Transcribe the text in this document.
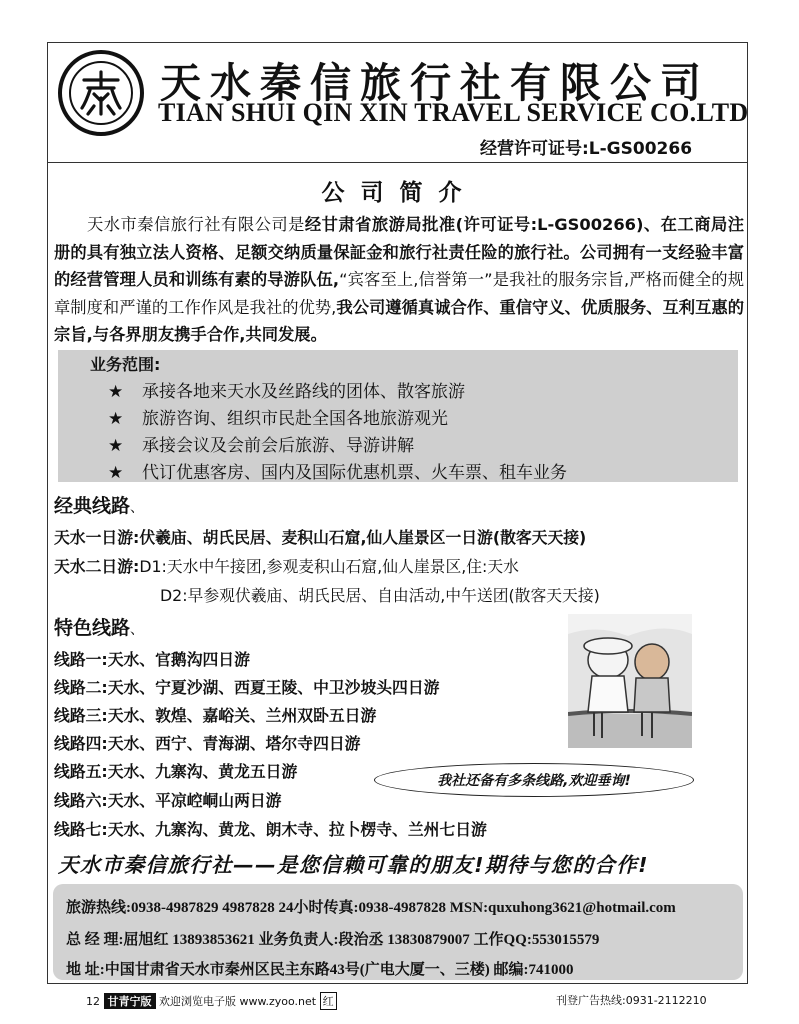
天水秦信旅行社有限公司
TIAN SHUI QIN XIN TRAVEL SERVICE CO.LTD
经营许可证号:L-GS00266
公司简介

天水市秦信旅行社有限公司是经甘肃省旅游局批准(许可证号:L-GS00266)、在工商局注册的具有独立法人资格、足额交纳质量保証金和旅行社责任险的旅行社。公司拥有一支经验丰富的经营管理人员和训练有素的导游队伍,“宾客至上,信誉第一”是我社的服务宗旨,严格而健全的规章制度和严谨的工作作风是我社的优势,我公司遵循真诚合作、重信守义、优质服务、互利互惠的宗旨,与各界朋友携手合作,共同发展。

业务范围:
★ 承接各地来天水及丝路线的团体、散客旅游
★ 旅游咨询、组织市民赴全国各地旅游观光
★ 承接会议及会前会后旅游、导游讲解
★ 代订优惠客房、国内及国际优惠机票、火车票、租车业务
经典线路、
天水一日游:伏羲庙、胡氏民居、麦积山石窟,仙人崖景区一日游(散客天天接)
天水二日游:D1:天水中午接团,参观麦积山石窟,仙人崖景区,住:天水
D2:早参观伏羲庙、胡氏民居、自由活动,中午送团(散客天天接)
特色线路、
线路一:天水、官鹅沟四日游
线路二:天水、宁夏沙湖、西夏王陵、中卫沙坡头四日游
线路三:天水、敦煌、嘉峪关、兰州双卧五日游
线路四:天水、西宁、青海湖、塔尔寺四日游
线路五:天水、九寨沟、黄龙五日游
线路六:天水、平凉崆峒山两日游
线路七:天水、九寨沟、黄龙、朗木寺、拉卜楞寺、兰州七日游
我社还备有多条线路,欢迎垂询!
天水市秦信旅行社——是您信赖可靠的朋友!期待与您的合作!
旅游热线:0938-4987829 4987828 24小时传真:0938-4987828 MSN:quxuhong3621@hotmail.com
总 经 理:屈旭红 13893853621 业务负责人:段治丞 13830879007 工作QQ:553015579
地 址:中国甘肃省天水市秦州区民主东路43号(广电大厦一、三楼) 邮编:741000
12 甘青宁版 欢迎浏览电子版 www.zyoo.net 红	刊登广告热线:0931-2112210
